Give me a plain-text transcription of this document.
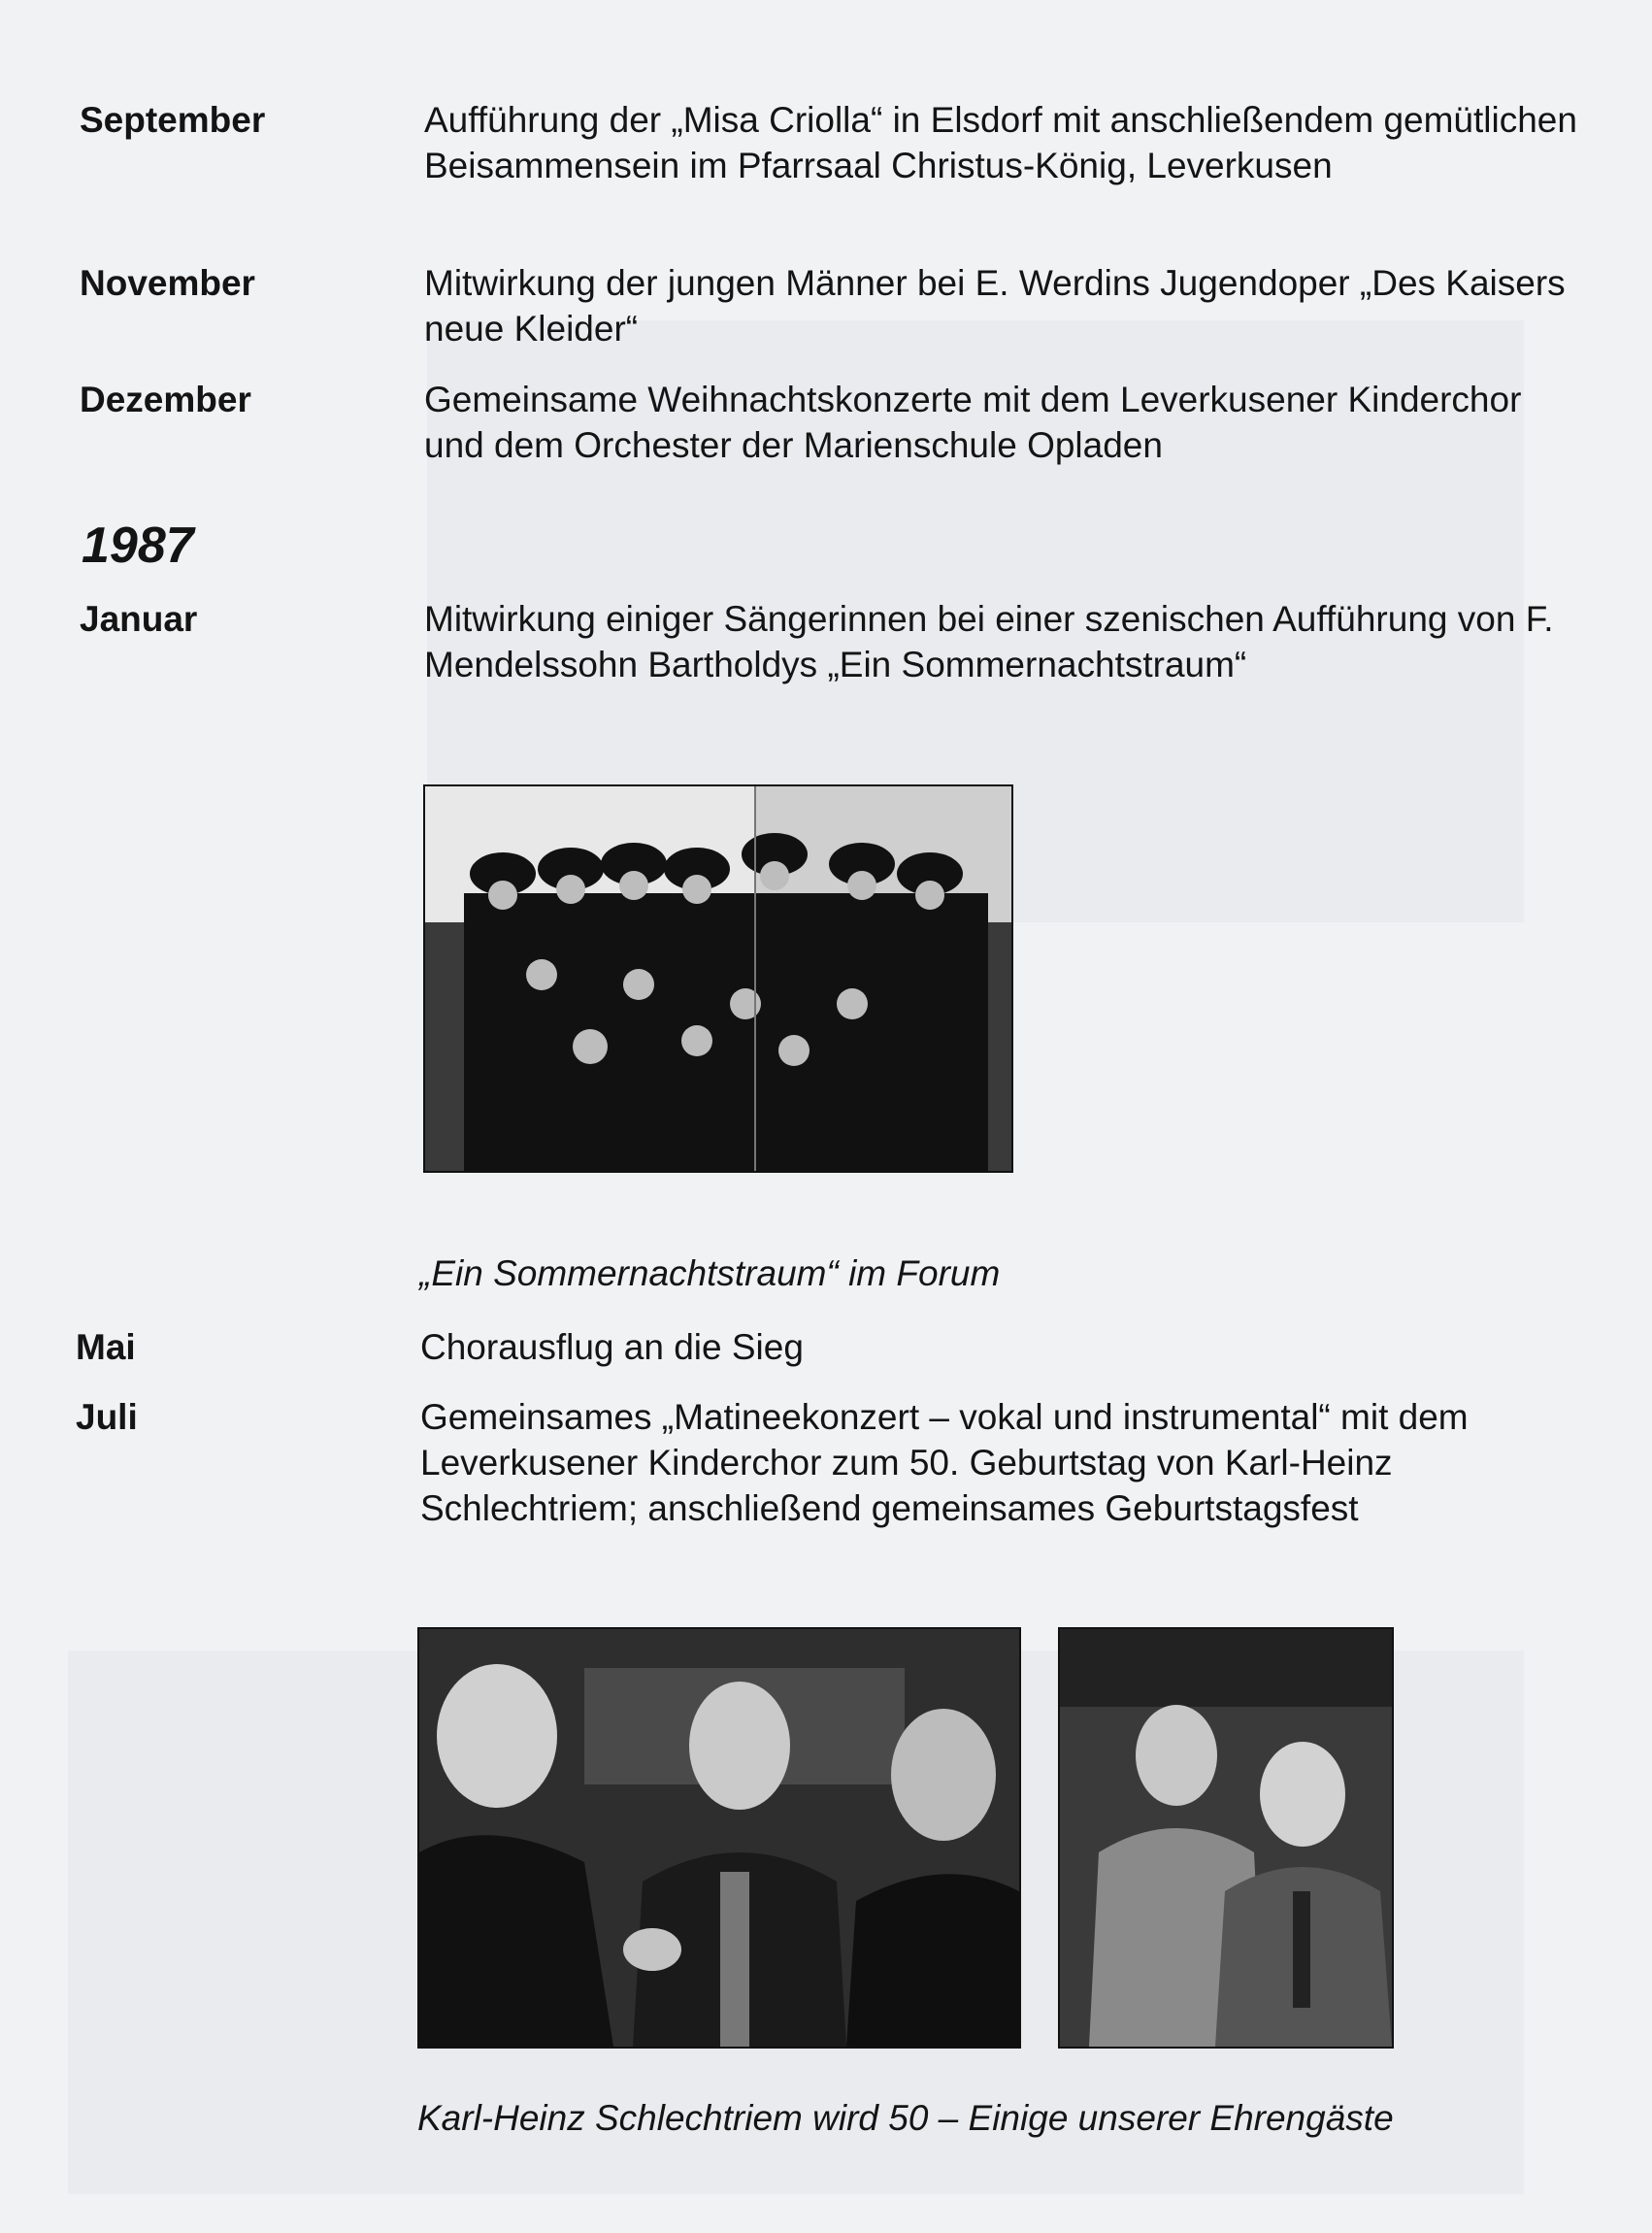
September	Aufführung der „Misa Criolla“ in Elsdorf mit anschließendem gemütlichen Beisammensein im Pfarrsaal Christus-König, Leverkusen
November	Mitwirkung der jungen Männer bei E. Werdins Jugendoper „Des Kaisers neue Kleider“
Dezember	Gemeinsame Weihnachtskonzerte mit dem Leverkusener Kinderchor und dem Orchester der Marienschule Opladen
1987
Januar	Mitwirkung einiger Sängerinnen bei einer szenischen Aufführung von F. Mendelssohn Bartholdys „Ein Sommernachtstraum“
„Ein Sommernachtstraum“ im Forum
Mai	Chorausflug an die Sieg
Juli	Gemeinsames „Matineekonzert – vokal und instrumental“ mit dem Leverkusener Kinderchor zum 50. Geburtstag von Karl-Heinz Schlechtriem; anschließend gemeinsames Geburtstagsfest
Karl-Heinz Schlechtriem wird 50 – Einige unserer Ehrengäste
